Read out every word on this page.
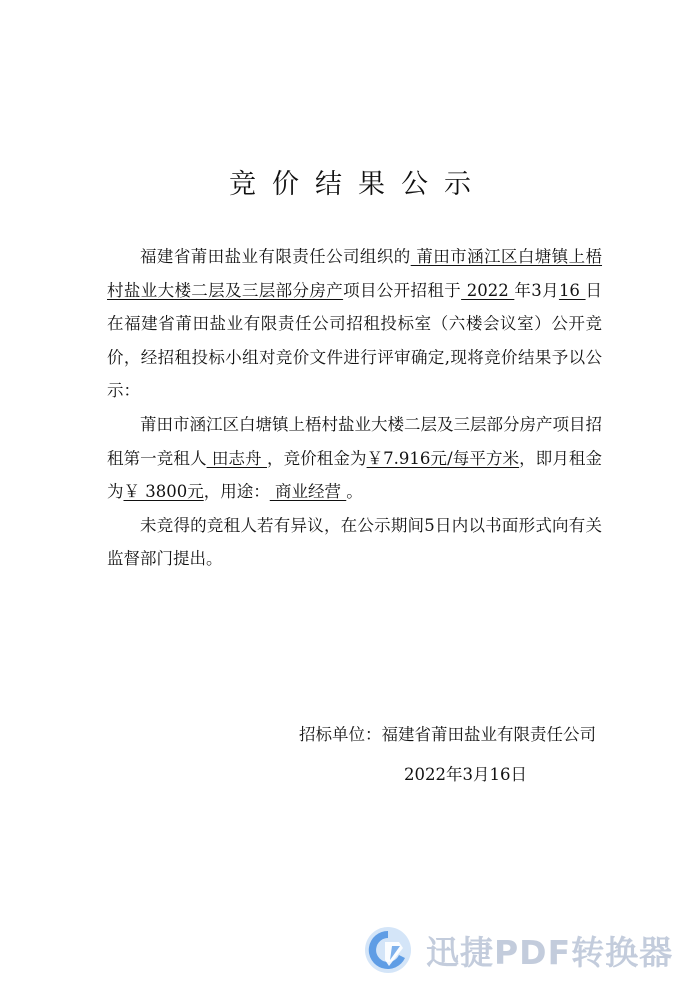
竞价结果公示

福建省莆田盐业有限责任公司组织的 莆田市涵江区白塘镇上梧村盐业大楼二层及三层部分房产项目公开招租于 2022 年3月16 日在福建省莆田盐业有限责任公司招租投标室（六楼会议室）公开竞价，经招租投标小组对竞价文件进行评审确定,现将竞价结果予以公示：

莆田市涵江区白塘镇上梧村盐业大楼二层及三层部分房产项目招租第一竞租人 田志舟 ，竞价租金为￥7.916元/每平方米，即月租金为￥ 3800元，用途： 商业经营 。

未竞得的竞租人若有异议，在公示期间5日内以书面形式向有关监督部门提出。

招标单位：福建省莆田盐业有限责任公司
2022年3月16日
迅捷PDF转换器
